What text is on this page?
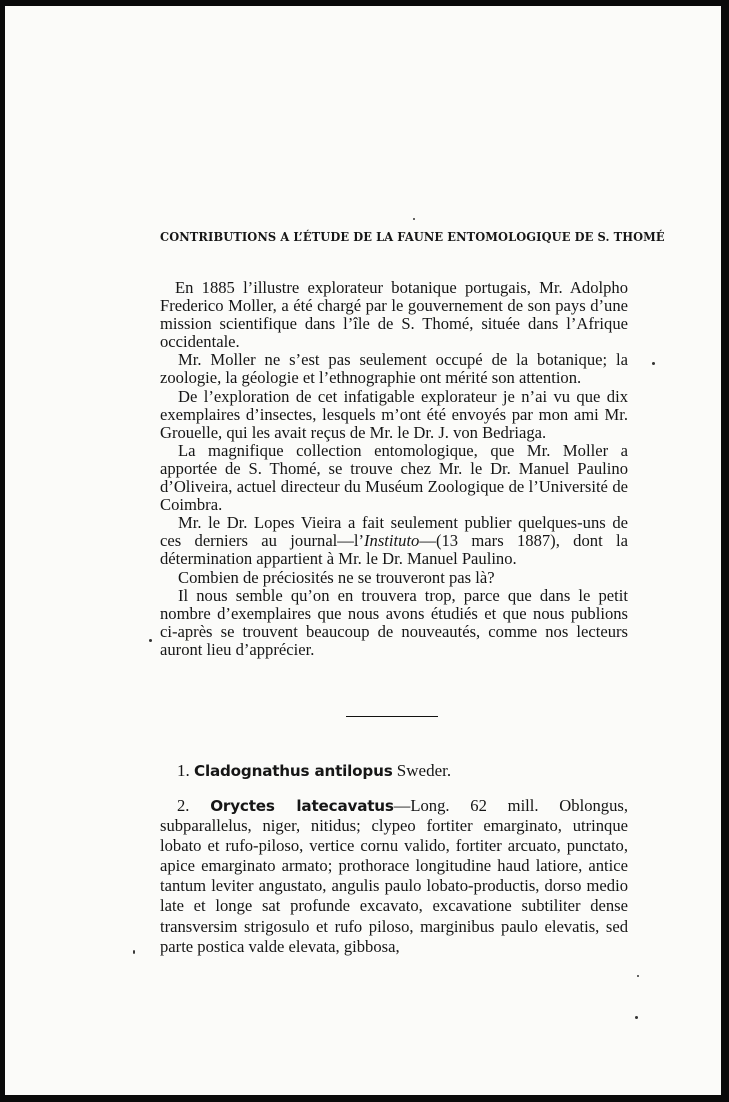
CONTRIBUTIONS A L’ÉTUDE DE LA FAUNE ENTOMOLOGIQUE DE S. THOMÉ

En 1885 l’illustre explorateur botanique portugais, Mr. Adolpho Frederico Moller, a été chargé par le gouvernement de son pays d’une mission scientifique dans l’île de S. Thomé, située dans l’Afrique occidentale.

Mr. Moller ne s’est pas seulement occupé de la botanique; la zoologie, la géologie et l’ethnographie ont mérité son attention.

De l’exploration de cet infatigable explorateur je n’ai vu que dix exemplaires d’insectes, lesquels m’ont été envoyés par mon ami Mr. Grouelle, qui les avait reçus de Mr. le Dr. J. von Bedriaga.

La magnifique collection entomologique, que Mr. Moller a apportée de S. Thomé, se trouve chez Mr. le Dr. Manuel Paulino d’Oliveira, actuel directeur du Muséum Zoologique de l’Université de Coimbra.

Mr. le Dr. Lopes Vieira a fait seulement publier quelques-uns de ces derniers au journal—l’Instituto—(13 mars 1887), dont la détermination appartient à Mr. le Dr. Manuel Paulino.

Combien de préciosités ne se trouveront pas là?

Il nous semble qu’on en trouvera trop, parce que dans le petit nombre d’exemplaires que nous avons étudiés et que nous publions ci-après se trouvent beaucoup de nouveautés, comme nos lecteurs auront lieu d’apprécier.

1. Cladognathus antilopus Sweder.

2. Oryctes latecavatus—Long. 62 mill. Oblongus, subparallelus, niger, nitidus; clypeo fortiter emarginato, utrinque lobato et rufo-piloso, vertice cornu valido, fortiter arcuato, punctato, apice emarginato armato; prothorace longitudine haud latiore, antice tantum leviter angustato, angulis paulo lobato-productis, dorso medio late et longe sat profunde excavato, excavatione subtiliter dense transversim strigosulo et rufo piloso, marginibus paulo elevatis, sed parte postica valde elevata, gibbosa,
